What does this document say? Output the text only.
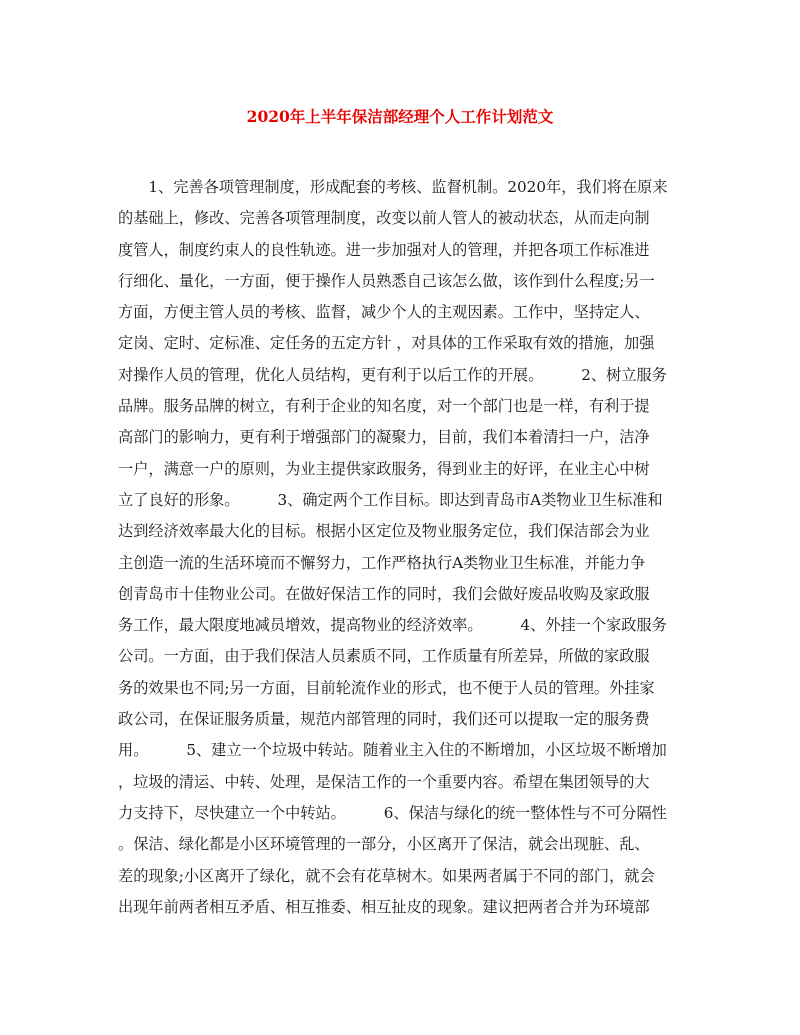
2020年上半年保洁部经理个人工作计划范文
　　1、完善各项管理制度，形成配套的考核、监督机制。2020年，我们将在原来
的基础上，修改、完善各项管理制度，改变以前人管人的被动状态，从而走向制
度管人，制度约束人的良性轨迹。进一步加强对人的管理，并把各项工作标准进
行细化、量化，一方面，便于操作人员熟悉自己该怎么做，该作到什么程度;另一
方面，方便主管人员的考核、监督，减少个人的主观因素。工作中，坚持定人、
定岗、定时、定标准、定任务的五定方针 ，对具体的工作采取有效的措施，加强
对操作人员的管理，优化人员结构，更有利于以后工作的开展。　　　2、树立服务
品牌。服务品牌的树立，有利于企业的知名度，对一个部门也是一样，有利于提
高部门的影响力，更有利于增强部门的凝聚力，目前，我们本着清扫一户，洁净
一户，满意一户的原则，为业主提供家政服务，得到业主的好评，在业主心中树
立了良好的形象。　　　3、确定两个工作目标。即达到青岛市A类物业卫生标准和
达到经济效率最大化的目标。根据小区定位及物业服务定位，我们保洁部会为业
主创造一流的生活环境而不懈努力，工作严格执行A类物业卫生标准，并能力争
创青岛市十佳物业公司。在做好保洁工作的同时，我们会做好废品收购及家政服
务工作，最大限度地减员增效，提高物业的经济效率。　　　4、外挂一个家政服务
公司。一方面，由于我们保洁人员素质不同，工作质量有所差异，所做的家政服
务的效果也不同;另一方面，目前轮流作业的形式，也不便于人员的管理。外挂家
政公司，在保证服务质量，规范内部管理的同时，我们还可以提取一定的服务费
用。　　　5、建立一个垃圾中转站。随着业主入住的不断增加，小区垃圾不断增加
，垃圾的清运、中转、处理，是保洁工作的一个重要内容。希望在集团领导的大
力支持下，尽快建立一个中转站。　　　6、保洁与绿化的统一整体性与不可分隔性
。保洁、绿化都是小区环境管理的一部分，小区离开了保洁，就会出现脏、乱、
差的现象;小区离开了绿化，就不会有花草树木。如果两者属于不同的部门，就会
出现年前两者相互矛盾、相互推委、相互扯皮的现象。建议把两者合并为环境部
